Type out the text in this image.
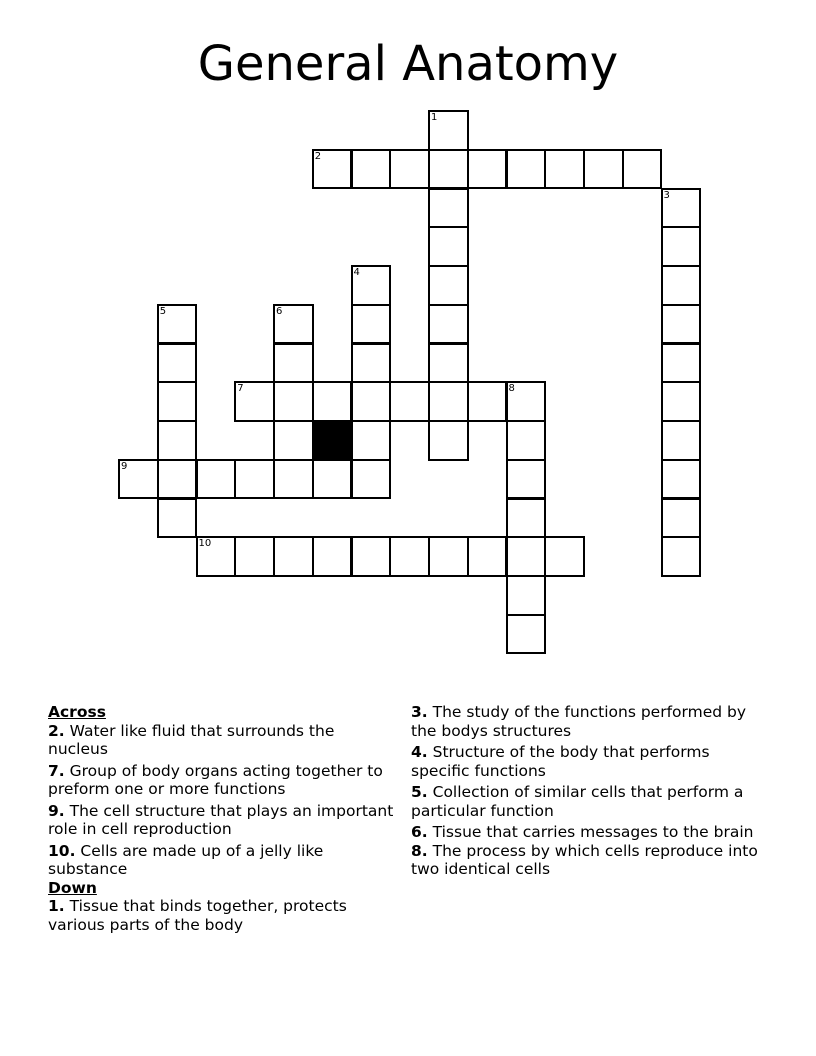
General Anatomy
1
2
3
4
5	6
7	8
9
10
Across
2. Water like fluid that surrounds the nucleus
7. Group of body organs acting together to preform one or more functions
9. The cell structure that plays an important role in cell reproduction
10. Cells are made up of a jelly like substance
Down
1. Tissue that binds together, protects various parts of the body
3. The study of the functions performed by the bodys structures
4. Structure of the body that performs specific functions
5. Collection of similar cells that perform a particular function
6. Tissue that carries messages to the brain
8. The process by which cells reproduce into two identical cells
